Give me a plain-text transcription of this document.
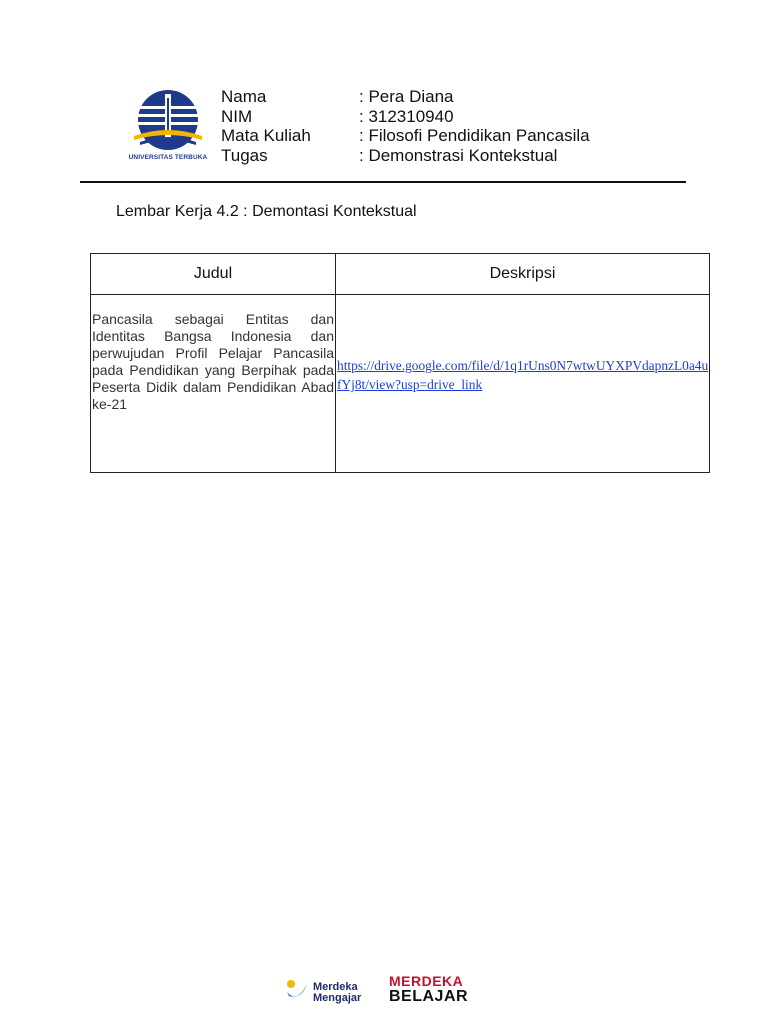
UNIVERSITAS TERBUKA
Nama	: Pera Diana
NIM	: 312310940
Mata Kuliah	: Filosofi Pendidikan Pancasila
Tugas	: Demonstrasi Kontekstual
Lembar Kerja 4.2 : Demontasi Kontekstual
Judul	Deskripsi

Pancasila sebagai Entitas dan Identitas Bangsa Indonesia dan perwujudan Profil Pelajar Pancasila pada Pendidikan yang Berpihak pada Peserta Didik dalam Pendidikan Abad ke-21	https://drive.google.com/file/d/1q1rUns0N7wtwUYXPVdapnzL0a4ufYj8t/view?usp=drive_link
Merdeka
Mengajar
MERDEKA
BELAJAR
